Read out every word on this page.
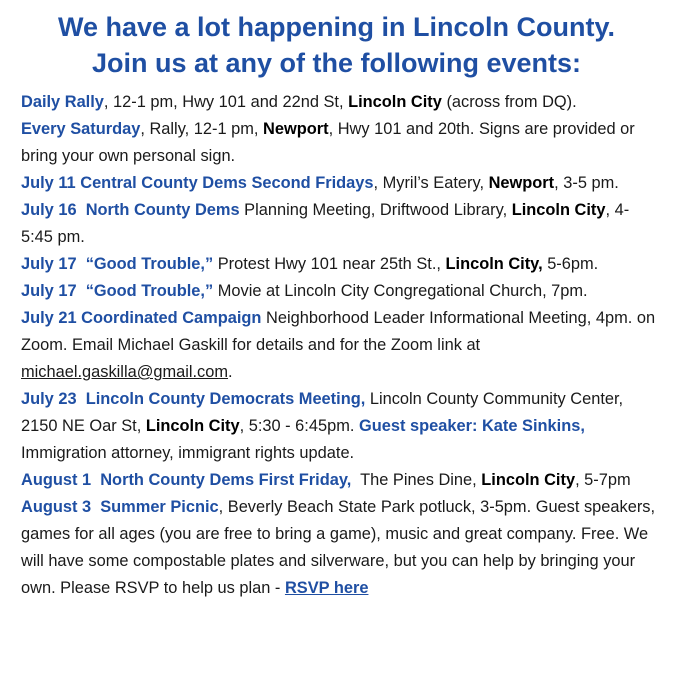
We have a lot happening in Lincoln County.
Join us at any of the following events:

Daily Rally, 12-1 pm, Hwy 101 and 22nd St, Lincoln City (across from DQ).

Every Saturday, Rally, 12-1 pm, Newport, Hwy 101 and 20th. Signs are provided or bring your own personal sign.

July 11 Central County Dems Second Fridays, Myril’s Eatery, Newport, 3-5 pm.

July 16  North County Dems Planning Meeting, Driftwood Library, Lincoln City, 4-5:45 pm.

July 17  “Good Trouble,” Protest Hwy 101 near 25th St., Lincoln City, 5-6pm.

July 17  “Good Trouble,” Movie at Lincoln City Congregational Church, 7pm.

July 21 Coordinated Campaign Neighborhood Leader Informational Meeting, 4pm. on Zoom. Email Michael Gaskill for details and for the Zoom link at michael.gaskilla@gmail.com.

July 23  Lincoln County Democrats Meeting, Lincoln County Community Center, 2150 NE Oar St, Lincoln City, 5:30 - 6:45pm. Guest speaker: Kate Sinkins, Immigration attorney, immigrant rights update.

August 1  North County Dems First Friday,  The Pines Dine, Lincoln City, 5-7pm

August 3  Summer Picnic, Beverly Beach State Park potluck, 3-5pm. Guest speakers, games for all ages (you are free to bring a game), music and great company. Free. We will have some compostable plates and silverware, but you can help by bringing your own. Please RSVP to help us plan - RSVP here
